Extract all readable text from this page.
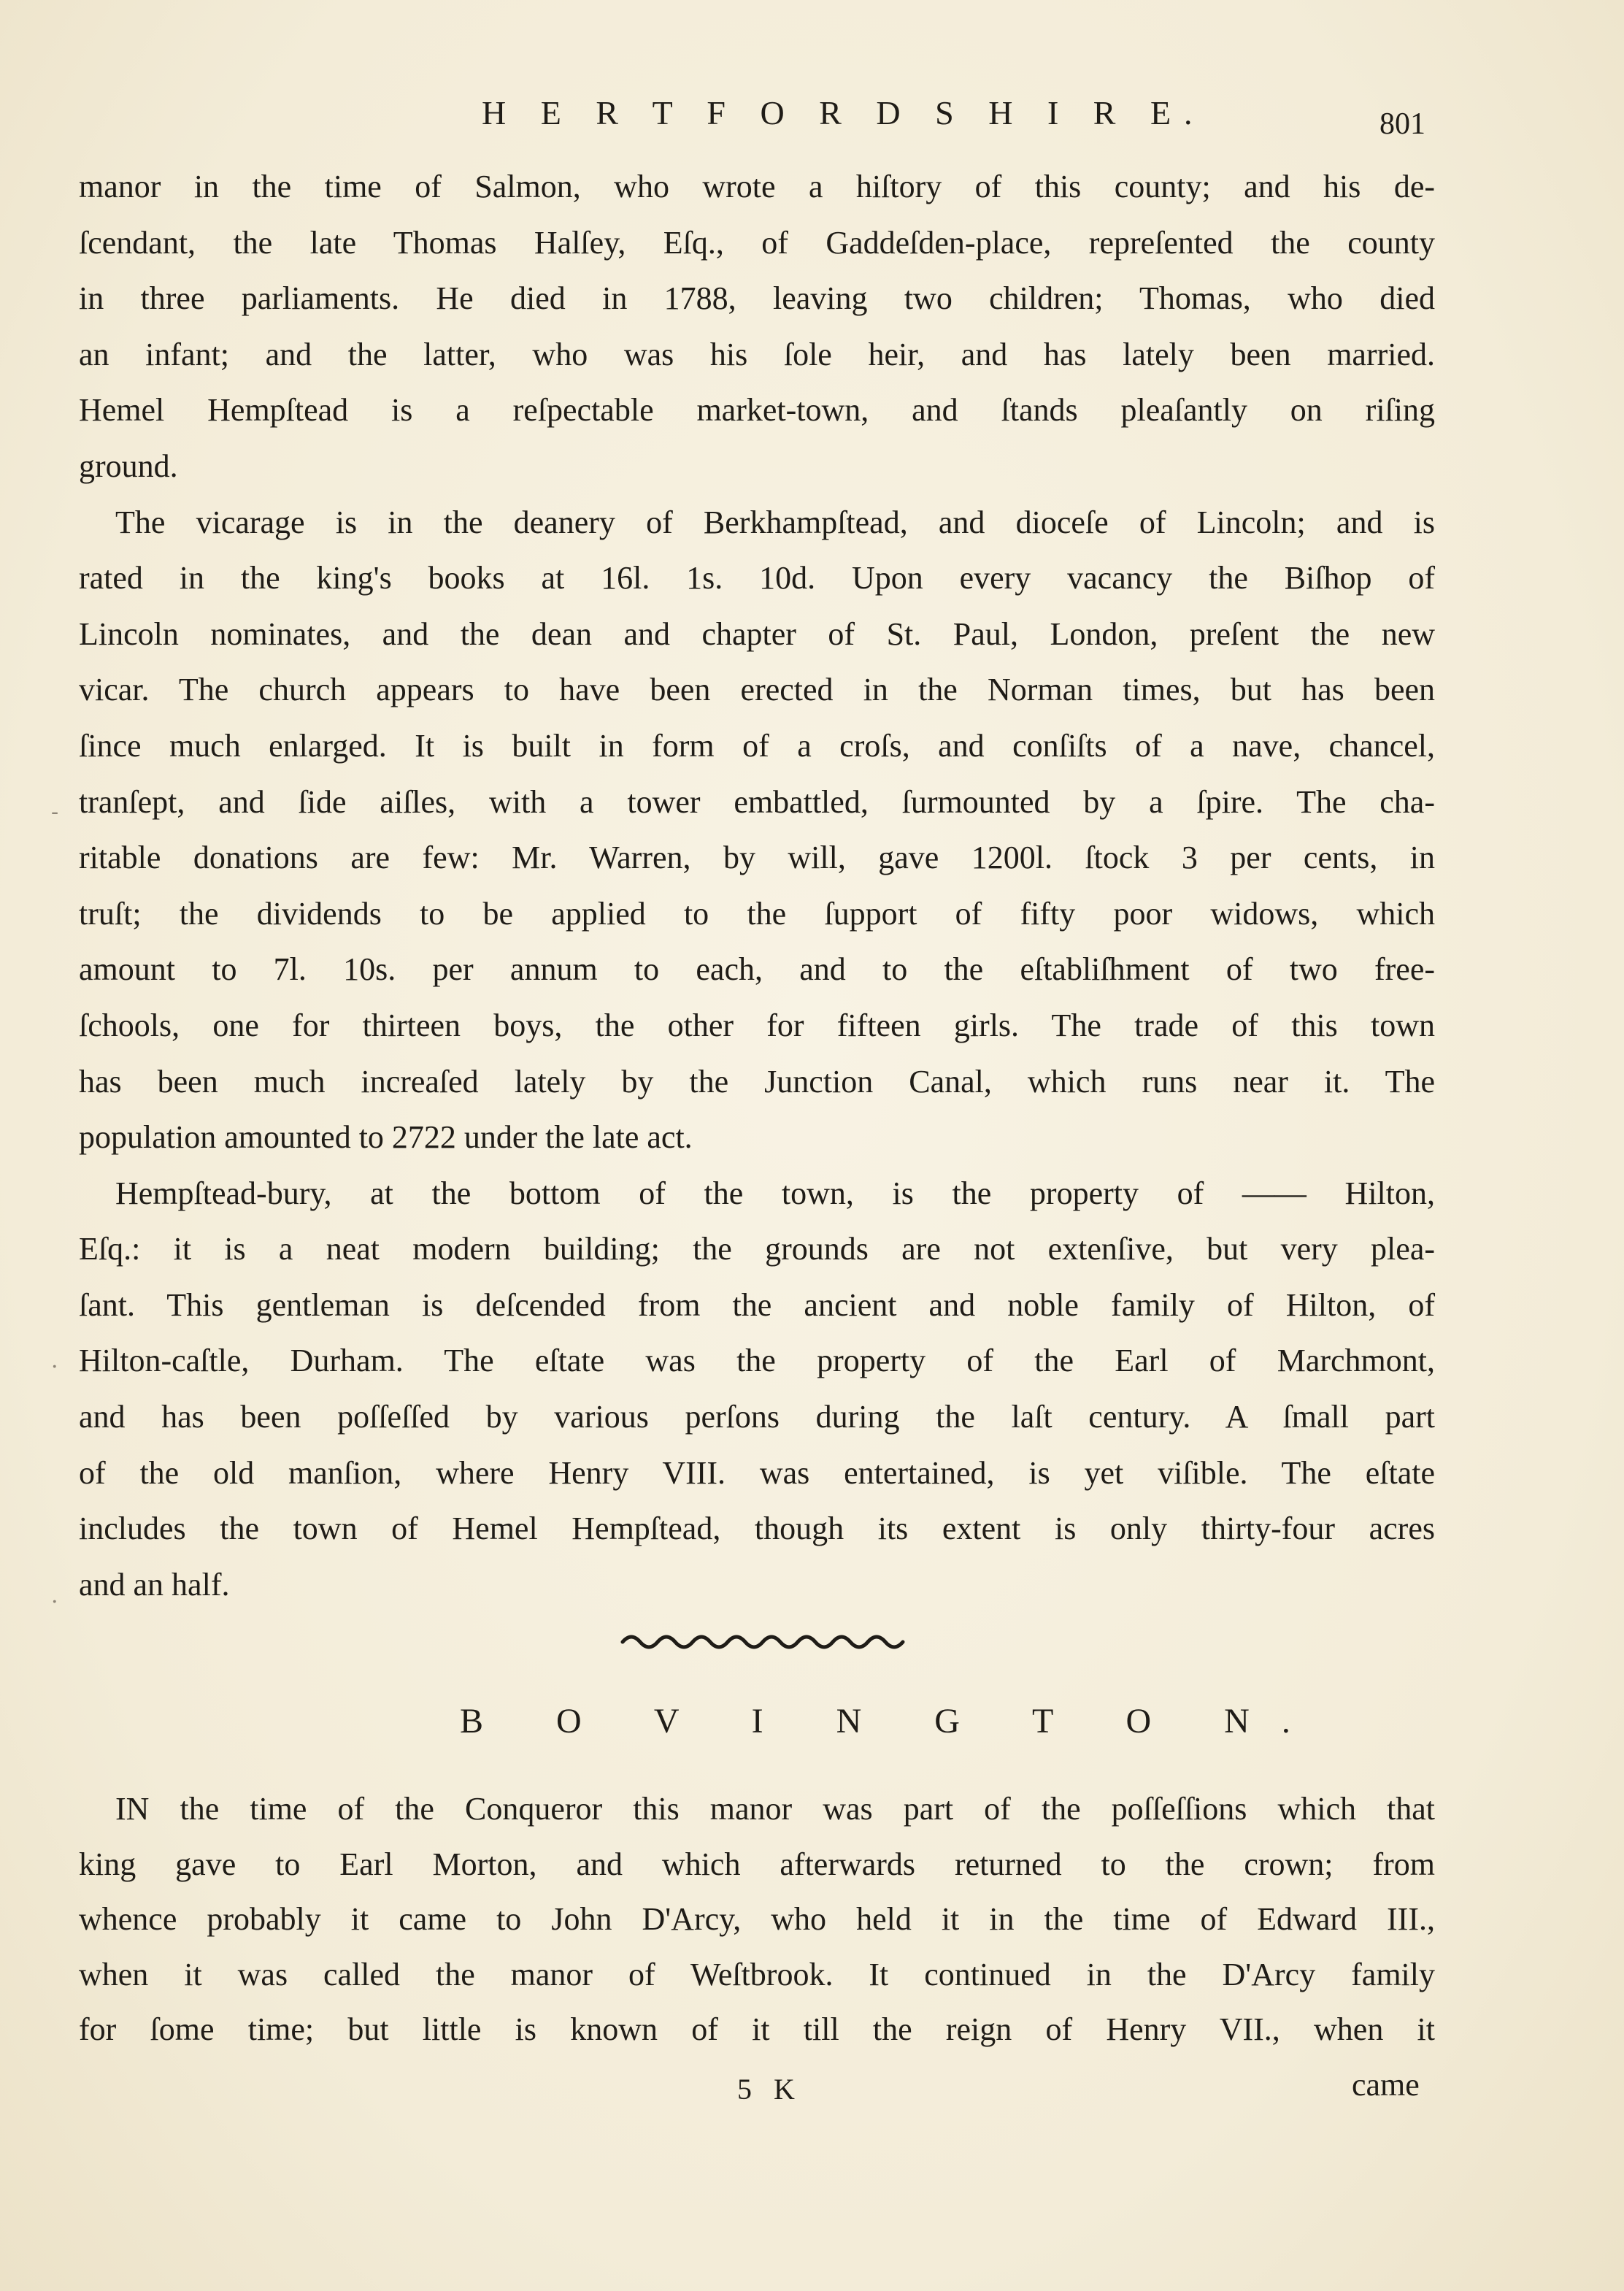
H E R T F O R D S H I R E.	801
manor in the time of Salmon, who wrote a hiſtory of this county; and his de-
ſcendant, the late Thomas Halſey, Eſq., of Gaddeſden-place, repreſented the county
in three parliaments. He died in 1788, leaving two children; Thomas, who died
an infant; and the latter, who was his ſole heir, and has lately been married.
Hemel Hempſtead is a reſpectable market-town, and ſtands pleaſantly on riſing
ground.
The vicarage is in the deanery of Berkhampſtead, and dioceſe of Lincoln; and is
rated in the king's books at 16l. 1s. 10d. Upon every vacancy the Biſhop of
Lincoln nominates, and the dean and chapter of St. Paul, London, preſent the new
vicar. The church appears to have been erected in the Norman times, but has been
ſince much enlarged. It is built in form of a croſs, and conſiſts of a nave, chancel,
tranſept, and ſide aiſles, with a tower embattled, ſurmounted by a ſpire. The cha-
ritable donations are few: Mr. Warren, by will, gave 1200l. ſtock 3 per cents, in
truſt; the dividends to be applied to the ſupport of fifty poor widows, which
amount to 7l. 10s. per annum to each, and to the eſtabliſhment of two free-
ſchools, one for thirteen boys, the other for fifteen girls. The trade of this town
has been much increaſed lately by the Junction Canal, which runs near it. The
population amounted to 2722 under the late act.
Hempſtead-bury, at the bottom of the town, is the property of —— Hilton,
Eſq.: it is a neat modern building; the grounds are not extenſive, but very plea-
ſant. This gentleman is deſcended from the ancient and noble family of Hilton, of
Hilton-caſtle, Durham. The eſtate was the property of the Earl of Marchmont,
and has been poſſeſſed by various perſons during the laſt century. A ſmall part
of the old manſion, where Henry VIII. was entertained, is yet viſible. The eſtate
includes the town of Hemel Hempſtead, though its extent is only thirty-four acres
and an half.
B O V I N G T O N.
IN the time of the Conqueror this manor was part of the poſſeſſions which that
king gave to Earl Morton, and which afterwards returned to the crown; from
whence probably it came to John D'Arcy, who held it in the time of Edward III.,
when it was called the manor of Weſtbrook. It continued in the D'Arcy family
for ſome time; but little is known of it till the reign of Henry VII., when it
5 K	came
-
·
.
